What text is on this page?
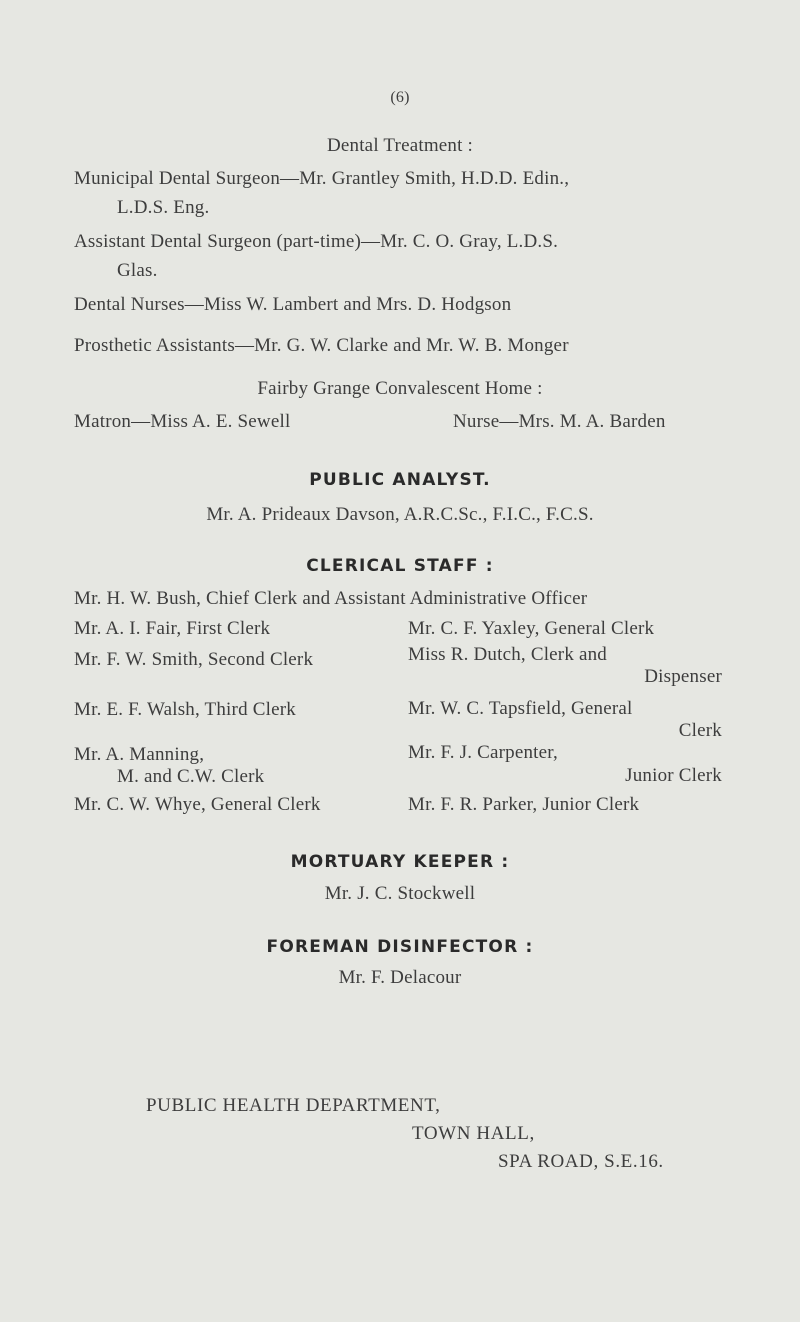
(6)
Dental Treatment :
Municipal Dental Surgeon—Mr. Grantley Smith, H.D.D. Edin.,
L.D.S. Eng.
Assistant Dental Surgeon (part-time)—Mr. C. O. Gray, L.D.S.
Glas.
Dental Nurses—Miss W. Lambert and Mrs. D. Hodgson
Prosthetic Assistants—Mr. G. W. Clarke and Mr. W. B. Monger
Fairby Grange Convalescent Home :
Matron—Miss A. E. Sewell	Nurse—Mrs. M. A. Barden
PUBLIC ANALYST.
Mr. A. Prideaux Davson, A.R.C.Sc., F.I.C., F.C.S.
CLERICAL STAFF :
Mr. H. W. Bush, Chief Clerk and Assistant Administrative Officer
Mr. A. I. Fair, First Clerk
Mr. F. W. Smith, Second Clerk
Mr. E. F. Walsh, Third Clerk
Mr. A. Manning,
M. and C.W. Clerk
Mr. C. W. Whye, General Clerk
Mr. C. F. Yaxley, General Clerk
Miss R. Dutch, Clerk and
Dispenser
Mr. W. C. Tapsfield, General
Clerk
Mr. F. J. Carpenter,
Junior Clerk
Mr. F. R. Parker, Junior Clerk
MORTUARY KEEPER :
Mr. J. C. Stockwell
FOREMAN DISINFECTOR :
Mr. F. Delacour
PUBLIC HEALTH DEPARTMENT,
TOWN HALL,
SPA ROAD, S.E.16.
